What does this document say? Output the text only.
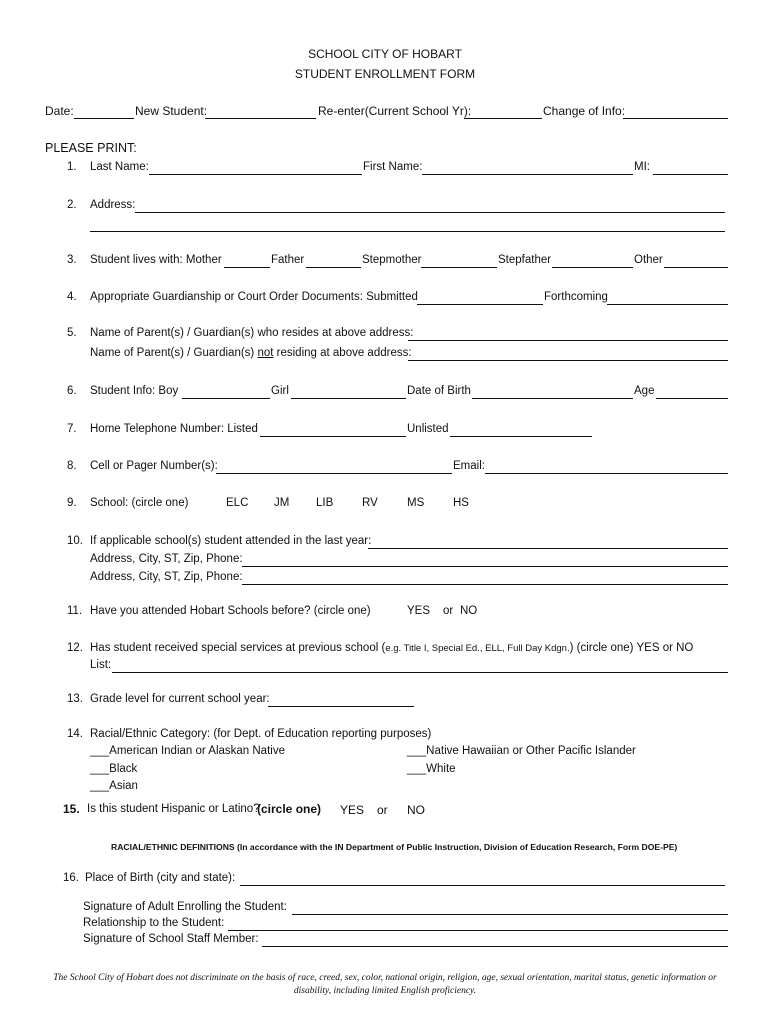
SCHOOL CITY OF HOBART
STUDENT ENROLLMENT FORM
Date:	New Student:	Re-enter(Current School Yr):	Change of Info:
PLEASE PRINT:
1. Last Name:	First Name:	MI:
2. Address:
3. Student lives with: Mother	Father	Stepmother	Stepfather	Other
4. Appropriate Guardianship or Court Order Documents: Submitted	Forthcoming
5. Name of Parent(s) / Guardian(s) who resides at above address:
Name of Parent(s) / Guardian(s) not residing at above address:
6. Student Info: Boy	Girl	Date of Birth	Age
7. Home Telephone Number: Listed	Unlisted
8. Cell or Pager Number(s):	Email:
9. School: (circle one)	ELC JM LIB RV	MS	HS
10. If applicable school(s) student attended in the last year:
Address, City, ST, Zip, Phone:
Address, City, ST, Zip, Phone:
11. Have you attended Hobart Schools before? (circle one)	YES or NO
12. Has student received special services at previous school (e.g. Title I, Special Ed., ELL, Full Day Kdgn.) (circle one) YES or NO
List:
13. Grade level for current school year:
14. Racial/Ethnic Category: (for Dept. of Education reporting purposes)
___American Indian or Alaskan Native	___Native Hawaiian or Other Pacific Islander
___Black	___White
___Asian
15. Is this student Hispanic or Latino?
(circle one) YES or NO
RACIAL/ETHNIC DEFINITIONS (In accordance with the IN Department of Public Instruction, Division of Education Research, Form DOE-PE)
16. Place of Birth (city and state):
Signature of Adult Enrolling the Student:
Relationship to the Student:
Signature of School Staff Member:
The School City of Hobart does not discriminate on the basis of race, creed, sex, color, national origin, religion, age, sexual orientation, marital status, genetic information or disability, including limited English proficiency.
